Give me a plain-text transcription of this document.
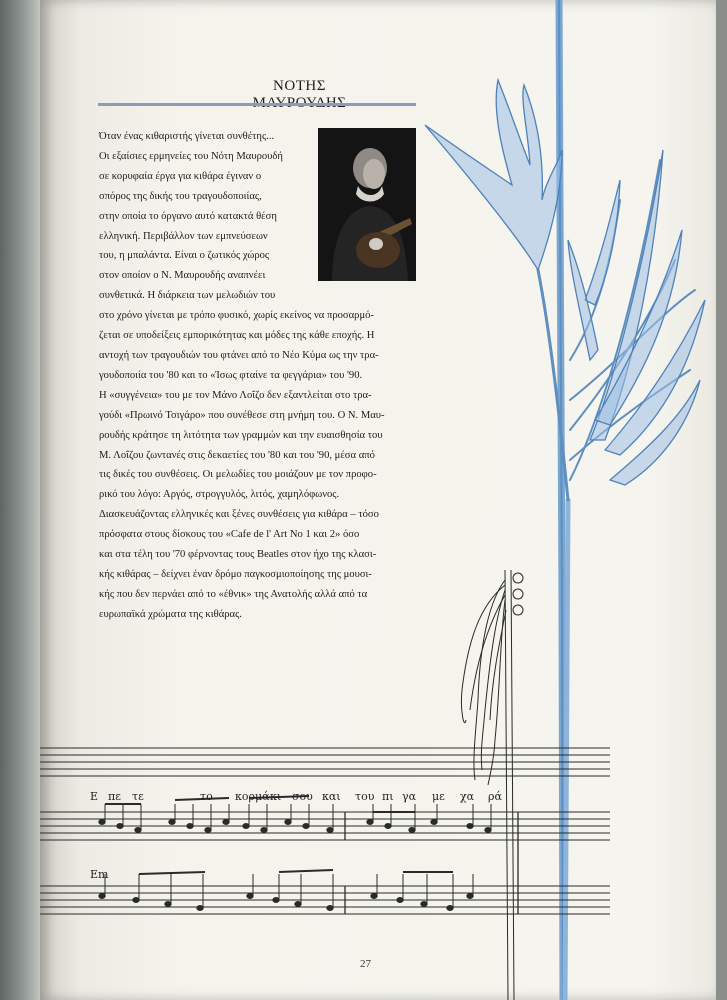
ΝΟΤΗΣ
Όταν ένας κιθαριστής γίνεται συνθέτης...
Οι εξαίσιες ερμηνείες του Νότη Μαυρουδή
σε κορυφαία έργα για κιθάρα έγιναν ο
σπόρος της δικής του τραγουδοποιίας,
στην οποία το όργανο αυτό κατακτά θέση
ελληνική. Περιβάλλον των εμπνεύσεων
του, η μπαλάντα. Είναι ο ζωτικός χώρος
στον οποίον ο Ν. Μαυρουδής αναπνέει
συνθετικά. Η διάρκεια των μελωδιών του
στο χρόνο γίνεται με τρόπο φυσικό, χωρίς εκείνος να προσαρμό-
ζεται σε υποδείξεις εμπορικότητας και μόδες της κάθε εποχής. Η
αντοχή των τραγουδιών του φτάνει από το Νέο Κύμα ως την τρα-
γουδοποιία του '80 και το «Ίσως φταίνε τα φεγγάρια» του '90.
Η «συγγένεια» του με τον Μάνο Λοΐζο δεν εξαντλείται στο τρα-
γούδι «Πρωινό Τσιγάρο» που συνέθεσε στη μνήμη του. Ο Ν. Μαυ-
ρουδής κράτησε τη λιτότητα των γραμμών και την ευαισθησία του
Μ. Λοΐζου ζωντανές στις δεκαετίες του '80 και του '90, μέσα από
τις δικές του συνθέσεις. Οι μελωδίες του μοιάζουν με τον προφο-
ρικό του λόγο: Αργός, στρογγυλός, λιτός, χαμηλόφωνος.
Διασκευάζοντας ελληνικές και ξένες συνθέσεις για κιθάρα – τόσο
πρόσφατα στους δίσκους του «Cafe de l' Art Νο 1 και 2» όσο
και στα τέλη του '70 φέρνοντας τους Beatles στον ήχο της κλασι-
κής κιθάρας – δείχνει έναν δρόμο παγκοσμιοποίησης της μουσι-
κής που δεν περνάει από το «έθνικ» της Ανατολής αλλά από τα
ευρωπαϊκά χρώματα της κιθάρας.
Ε πε τε	το κορ μά κι σου και του πι γα με χα ρά
Em
27
